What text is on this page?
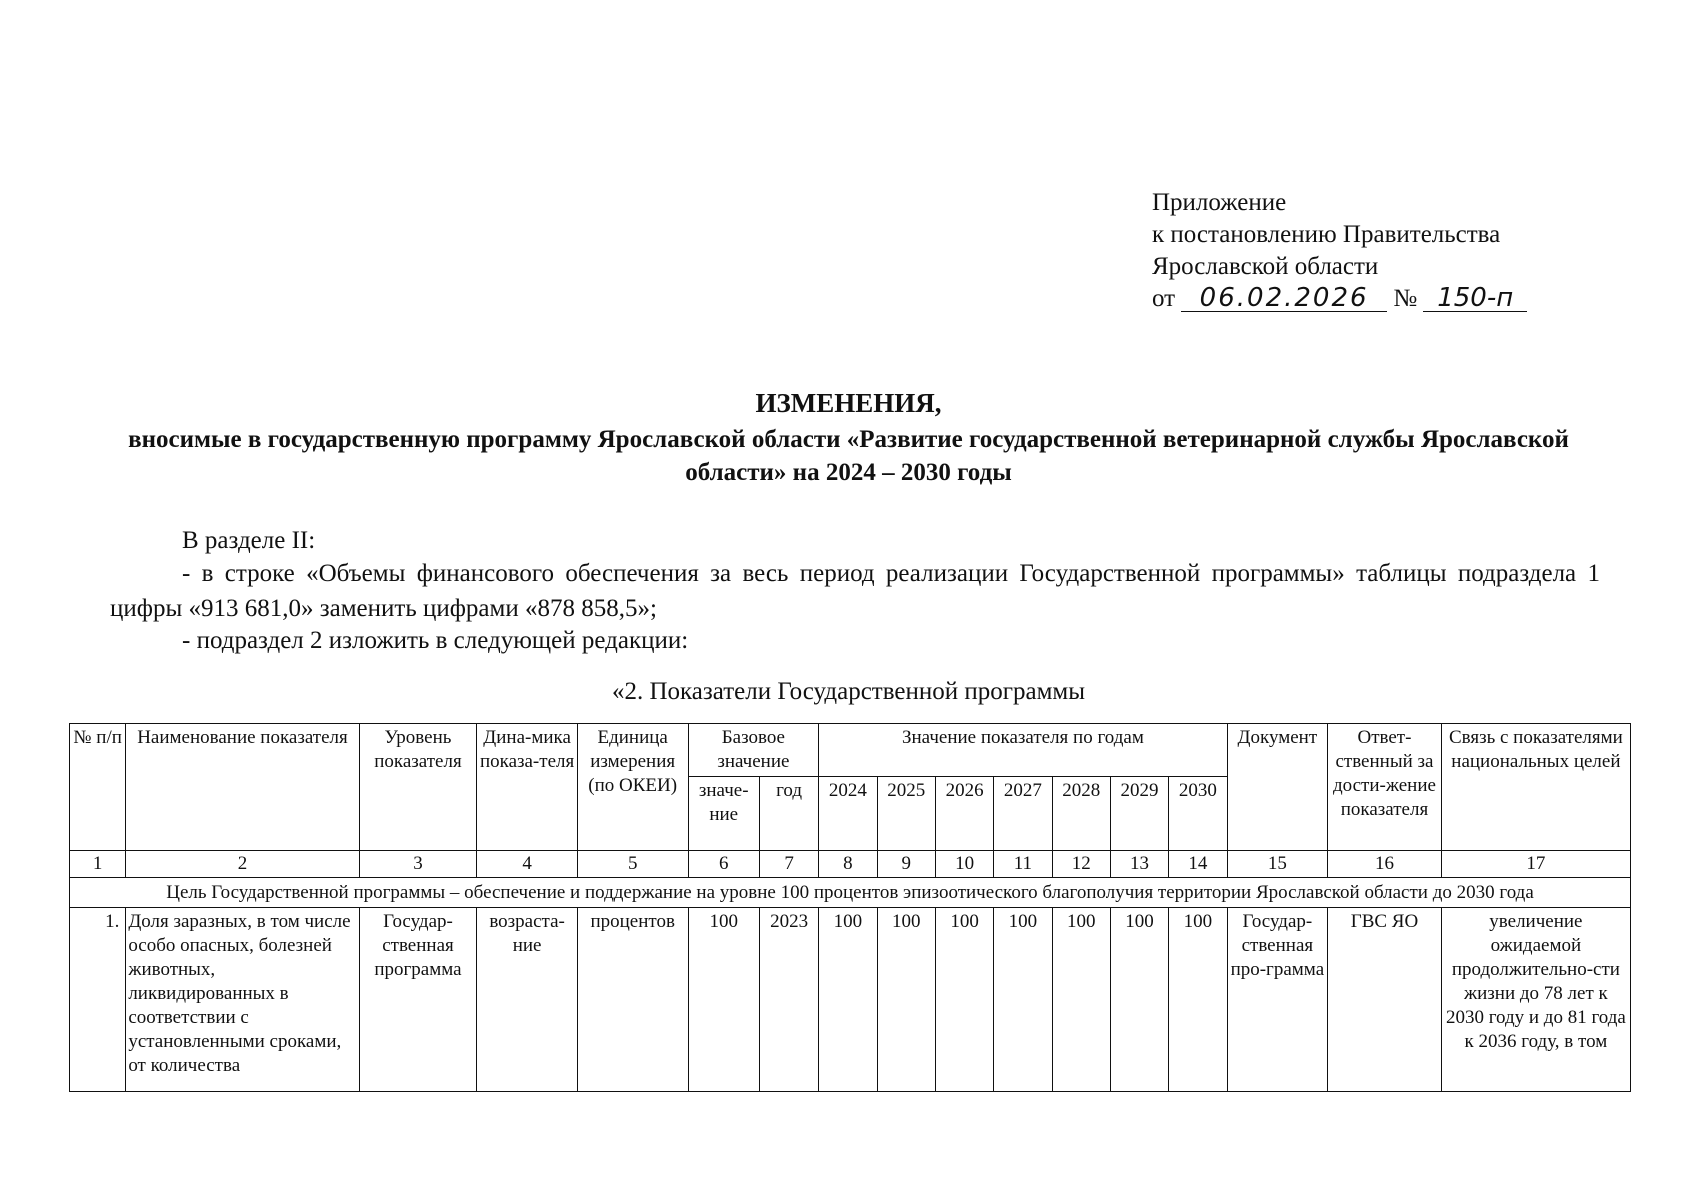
Приложение
к постановлению Правительства
Ярославской области
от 06.02.2026 № 150-п
ИЗМЕНЕНИЯ,
вносимые в государственную программу Ярославской области «Развитие государственной ветеринарной службы Ярославской области» на 2024 – 2030 годы
В разделе II:
- в строке «Объемы финансового обеспечения за весь период реализации Государственной программы» таблицы подраздела 1 цифры «913 681,0» заменить цифрами «878 858,5»;
- подраздел 2 изложить в следующей редакции:
«2. Показатели Государственной программы
№ п/п	Наименование показателя	Уровень показателя	Дина-мика показа-теля	Единица измерения (по ОКЕИ)	Базовое значение		Значение показателя по годам							Документ	Ответ-ственный за дости-жение показателя	Связь с показателями национальных целей
					значе-ние	год	2024	2025	2026	2027	2028	2029	2030			
1	2	3	4	5	6	7	8	9	10	11	12	13	14	15	16	17
Цель Государственной программы – обеспечение и поддержание на уровне 100 процентов эпизоотического благополучия территории Ярославской области до 2030 года																
1.	Доля заразных, в том числе особо опасных, болезней животных, ликвидированных в соответствии с установленными сроками, от количества	Государ-ственная программа	возраста-ние	процентов	100	2023	100	100	100	100	100	100	100	Государ-ственная про-грамма	ГВС ЯО	увеличение ожидаемой продолжительно-сти жизни до 78 лет к 2030 году и до 81 года к 2036 году, в том
